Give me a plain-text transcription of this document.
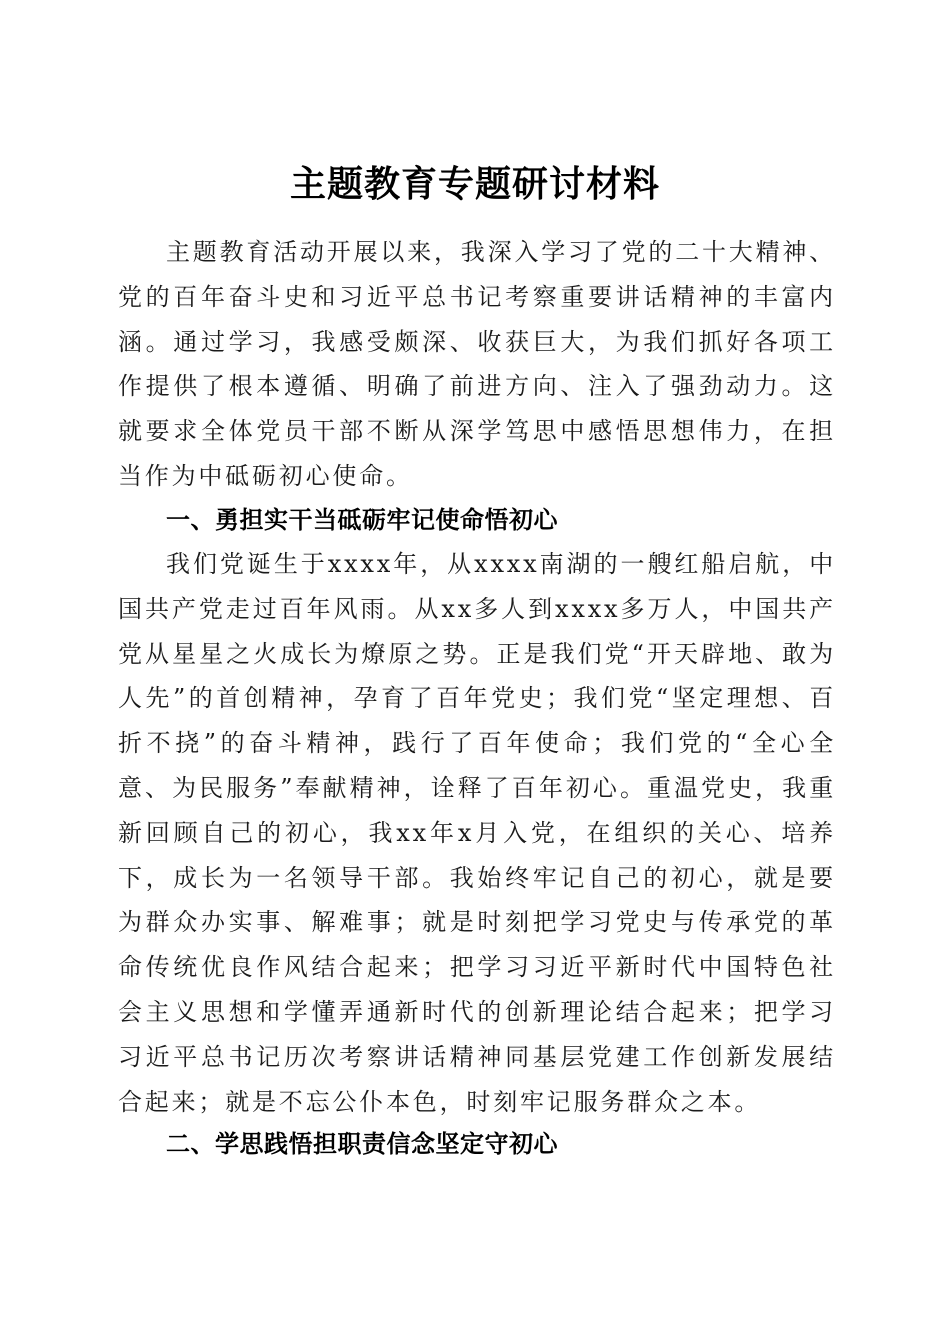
主题教育专题研讨材料

主题教育活动开展以来，我深入学习了党的二十大精神、党的百年奋斗史和习近平总书记考察重要讲话精神的丰富内涵。通过学习，我感受颇深、收获巨大，为我们抓好各项工作提供了根本遵循、明确了前进方向、注入了强劲动力。这就要求全体党员干部不断从深学笃思中感悟思想伟力，在担当作为中砥砺初心使命。

一、勇担实干当砥砺牢记使命悟初心

我们党诞生于xxxx年，从xxxx南湖的一艘红船启航，中国共产党走过百年风雨。从xx多人到xxxx多万人，中国共产党从星星之火成长为燎原之势。正是我们党“开天辟地、敢为人先”的首创精神，孕育了百年党史；我们党“坚定理想、百折不挠”的奋斗精神，践行了百年使命；我们党的“全心全意、为民服务”奉献精神，诠释了百年初心。重温党史，我重新回顾自己的初心，我xx年x月入党，在组织的关心、培养下，成长为一名领导干部。我始终牢记自己的初心，就是要为群众办实事、解难事；就是时刻把学习党史与传承党的革命传统优良作风结合起来；把学习习近平新时代中国特色社会主义思想和学懂弄通新时代的创新理论结合起来；把学习习近平总书记历次考察讲话精神同基层党建工作创新发展结合起来；就是不忘公仆本色，时刻牢记服务群众之本。

二、学思践悟担职责信念坚定守初心
